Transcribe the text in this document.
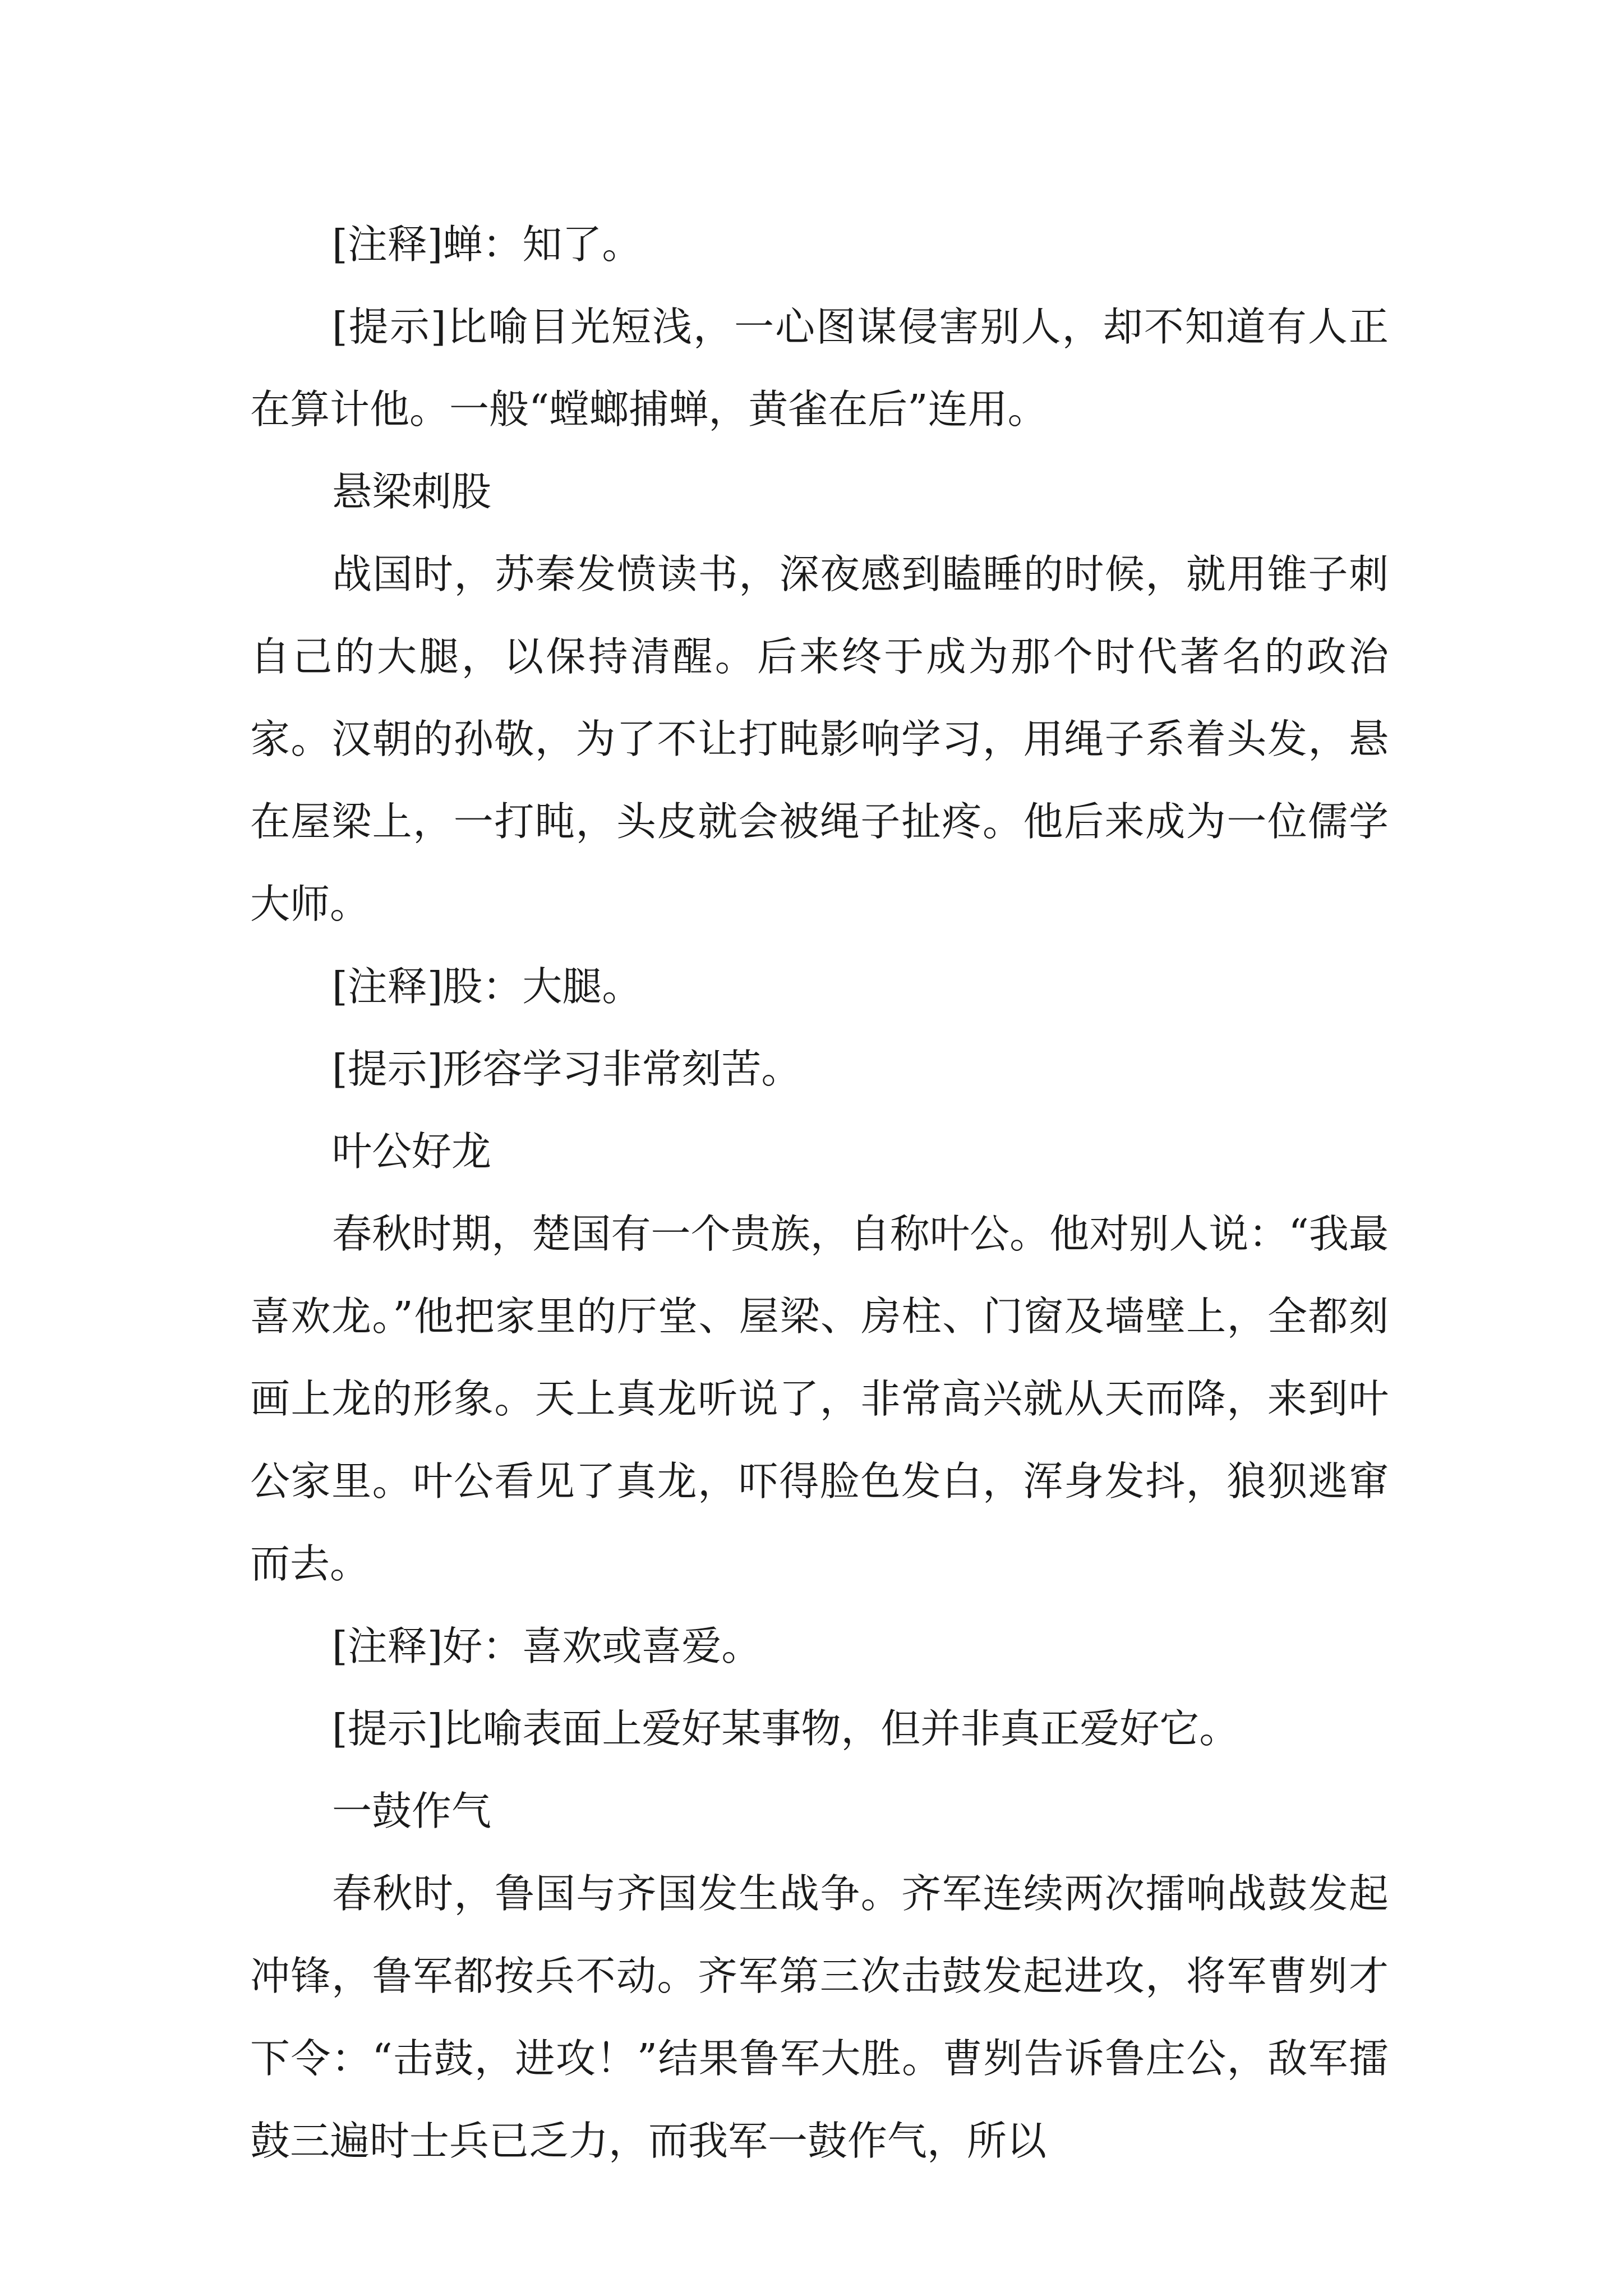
[注释]蝉：知了。

[提示]比喻目光短浅，一心图谋侵害别人，却不知道有人正在算计他。一般“螳螂捕蝉，黄雀在后”连用。

悬梁刺股

战国时，苏秦发愤读书，深夜感到瞌睡的时候，就用锥子刺自己的大腿，以保持清醒。后来终于成为那个时代著名的政治家。汉朝的孙敬，为了不让打盹影响学习，用绳子系着头发，悬在屋梁上，一打盹，头皮就会被绳子扯疼。他后来成为一位儒学大师。

[注释]股：大腿。

[提示]形容学习非常刻苦。

叶公好龙

春秋时期，楚国有一个贵族，自称叶公。他对别人说：“我最喜欢龙。”他把家里的厅堂、屋梁、房柱、门窗及墙壁上，全都刻画上龙的形象。天上真龙听说了，非常高兴就从天而降，来到叶公家里。叶公看见了真龙，吓得脸色发白，浑身发抖，狼狈逃窜而去。

[注释]好：喜欢或喜爱。

[提示]比喻表面上爱好某事物，但并非真正爱好它。

一鼓作气

春秋时，鲁国与齐国发生战争。齐军连续两次擂响战鼓发起冲锋，鲁军都按兵不动。齐军第三次击鼓发起进攻，将军曹刿才下令：“击鼓，进攻！”结果鲁军大胜。曹刿告诉鲁庄公，敌军擂鼓三遍时士兵已乏力，而我军一鼓作气，所以
